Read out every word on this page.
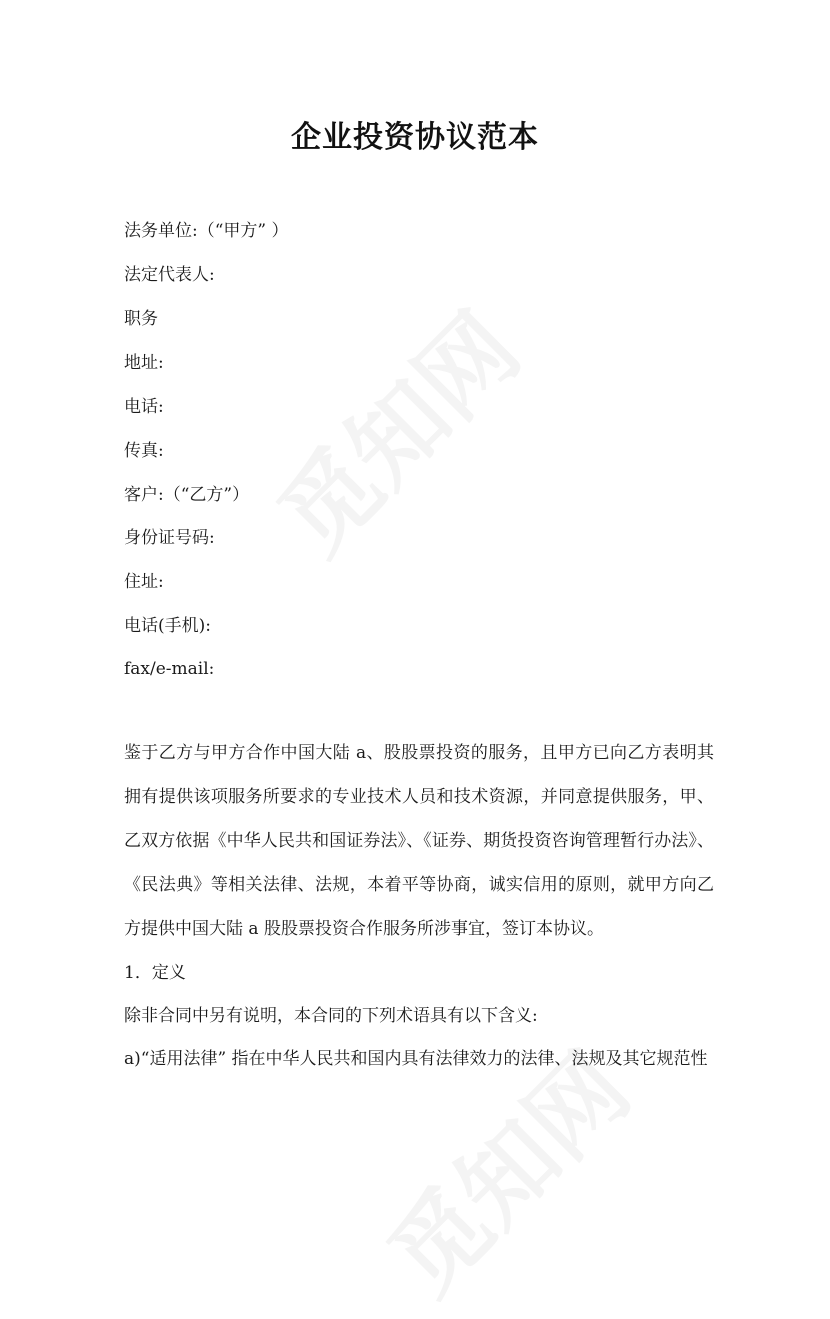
企业投资协议范本
法务单位:（“甲方” ）
法定代表人:
职务
地址:
电话:
传真:
客户:（“乙方”）
身份证号码:
住址:
电话(手机):
fax/e-mail:
鉴于乙方与甲方合作中国大陆 a、股股票投资的服务，且甲方已向乙方表明其拥有提供该项服务所要求的专业技术人员和技术资源，并同意提供服务，甲、乙双方依据《中华人民共和国证券法》、《证券、期货投资咨询管理暂行办法》、《民法典》等相关法律、法规，本着平等协商，诚实信用的原则，就甲方向乙方提供中国大陆 a 股股票投资合作服务所涉事宜，签订本协议。
1．定义
除非合同中另有说明，本合同的下列术语具有以下含义:
a)“适用法律” 指在中华人民共和国内具有法律效力的法律、法规及其它规范性
